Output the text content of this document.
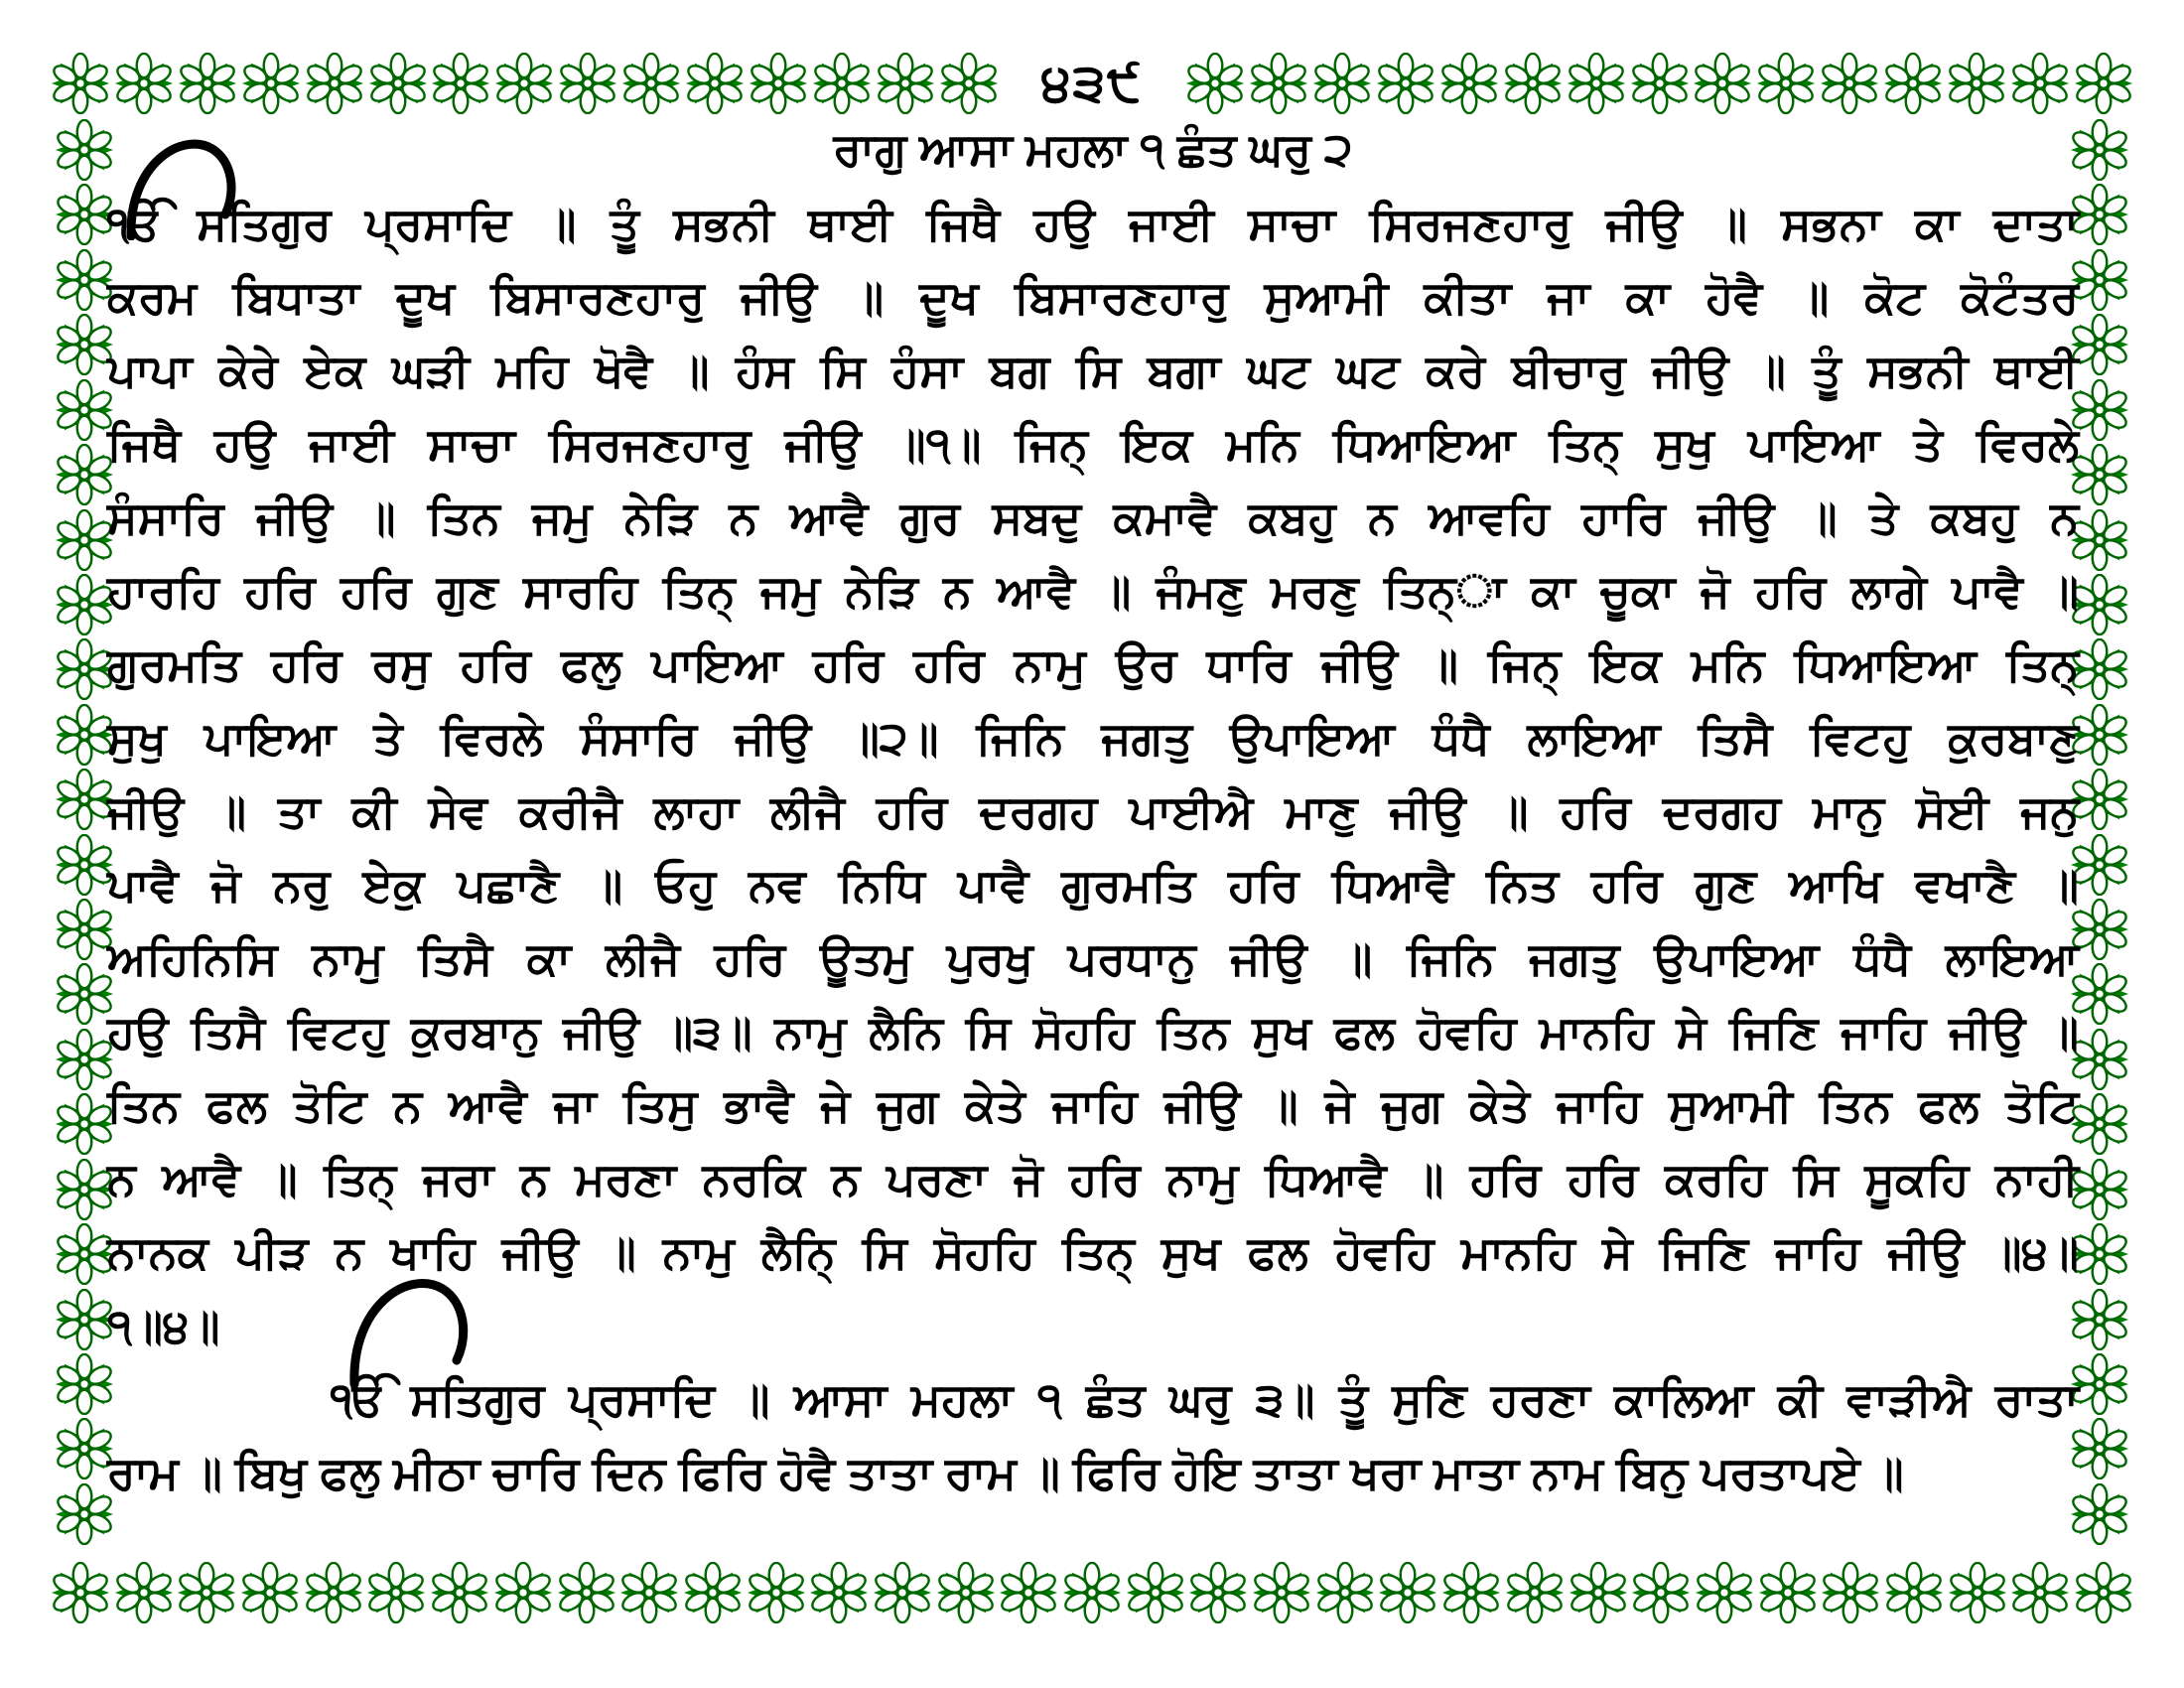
੪੩੯
ਰਾਗੁ ਆਸਾ ਮਹਲਾ ੧ ਛੰਤ ਘਰੁ ੨
ੴ ਸਤਿਗੁਰ ਪ੍ਰਸਾਦਿ ॥ ਤੂੰ ਸਭਨੀ ਥਾਈ ਜਿਥੈ ਹਉ ਜਾਈ ਸਾਚਾ ਸਿਰਜਣਹਾਰੁ ਜੀਉ ॥ ਸਭਨਾ ਕਾ ਦਾਤਾ
ਕਰਮ ਬਿਧਾਤਾ ਦੂਖ ਬਿਸਾਰਣਹਾਰੁ ਜੀਉ ॥ ਦੂਖ ਬਿਸਾਰਣਹਾਰੁ ਸੁਆਮੀ ਕੀਤਾ ਜਾ ਕਾ ਹੋਵੈ ॥ ਕੋਟ ਕੋਟੰਤਰ
ਪਾਪਾ ਕੇਰੇ ਏਕ ਘੜੀ ਮਹਿ ਖੋਵੈ ॥ ਹੰਸ ਸਿ ਹੰਸਾ ਬਗ ਸਿ ਬਗਾ ਘਟ ਘਟ ਕਰੇ ਬੀਚਾਰੁ ਜੀਉ ॥ ਤੂੰ ਸਭਨੀ ਥਾਈ
ਜਿਥੈ ਹਉ ਜਾਈ ਸਾਚਾ ਸਿਰਜਣਹਾਰੁ ਜੀਉ ॥੧॥ ਜਿਨ੍ ਇਕ ਮਨਿ ਧਿਆਇਆ ਤਿਨ੍ ਸੁਖੁ ਪਾਇਆ ਤੇ ਵਿਰਲੇ
ਸੰਸਾਰਿ ਜੀਉ ॥ ਤਿਨ ਜਮੁ ਨੇੜਿ ਨ ਆਵੈ ਗੁਰ ਸਬਦੁ ਕਮਾਵੈ ਕਬਹੁ ਨ ਆਵਹਿ ਹਾਰਿ ਜੀਉ ॥ ਤੇ ਕਬਹੁ ਨ
ਹਾਰਹਿ ਹਰਿ ਹਰਿ ਗੁਣ ਸਾਰਹਿ ਤਿਨ੍ ਜਮੁ ਨੇੜਿ ਨ ਆਵੈ ॥ ਜੰਮਣੁ ਮਰਣੁ ਤਿਨ੍ਾ ਕਾ ਚੂਕਾ ਜੋ ਹਰਿ ਲਾਗੇ ਪਾਵੈ ॥
ਗੁਰਮਤਿ ਹਰਿ ਰਸੁ ਹਰਿ ਫਲੁ ਪਾਇਆ ਹਰਿ ਹਰਿ ਨਾਮੁ ਉਰ ਧਾਰਿ ਜੀਉ ॥ ਜਿਨ੍ ਇਕ ਮਨਿ ਧਿਆਇਆ ਤਿਨ੍
ਸੁਖੁ ਪਾਇਆ ਤੇ ਵਿਰਲੇ ਸੰਸਾਰਿ ਜੀਉ ॥੨॥ ਜਿਨਿ ਜਗਤੁ ਉਪਾਇਆ ਧੰਧੈ ਲਾਇਆ ਤਿਸੈ ਵਿਟਹੁ ਕੁਰਬਾਣੁ
ਜੀਉ ॥ ਤਾ ਕੀ ਸੇਵ ਕਰੀਜੈ ਲਾਹਾ ਲੀਜੈ ਹਰਿ ਦਰਗਹ ਪਾਈਐ ਮਾਣੁ ਜੀਉ ॥ ਹਰਿ ਦਰਗਹ ਮਾਨੁ ਸੋਈ ਜਨੁ
ਪਾਵੈ ਜੋ ਨਰੁ ਏਕੁ ਪਛਾਣੈ ॥ ਓਹੁ ਨਵ ਨਿਧਿ ਪਾਵੈ ਗੁਰਮਤਿ ਹਰਿ ਧਿਆਵੈ ਨਿਤ ਹਰਿ ਗੁਣ ਆਖਿ ਵਖਾਣੈ ॥
ਅਹਿਨਿਸਿ ਨਾਮੁ ਤਿਸੈ ਕਾ ਲੀਜੈ ਹਰਿ ਊਤਮੁ ਪੁਰਖੁ ਪਰਧਾਨੁ ਜੀਉ ॥ ਜਿਨਿ ਜਗਤੁ ਉਪਾਇਆ ਧੰਧੈ ਲਾਇਆ
ਹਉ ਤਿਸੈ ਵਿਟਹੁ ਕੁਰਬਾਨੁ ਜੀਉ ॥੩॥ ਨਾਮੁ ਲੈਨਿ ਸਿ ਸੋਹਹਿ ਤਿਨ ਸੁਖ ਫਲ ਹੋਵਹਿ ਮਾਨਹਿ ਸੇ ਜਿਣਿ ਜਾਹਿ ਜੀਉ ॥
ਤਿਨ ਫਲ ਤੋਟਿ ਨ ਆਵੈ ਜਾ ਤਿਸੁ ਭਾਵੈ ਜੇ ਜੁਗ ਕੇਤੇ ਜਾਹਿ ਜੀਉ ॥ ਜੇ ਜੁਗ ਕੇਤੇ ਜਾਹਿ ਸੁਆਮੀ ਤਿਨ ਫਲ ਤੋਟਿ
ਨ ਆਵੈ ॥ ਤਿਨ੍ ਜਰਾ ਨ ਮਰਣਾ ਨਰਕਿ ਨ ਪਰਣਾ ਜੋ ਹਰਿ ਨਾਮੁ ਧਿਆਵੈ ॥ ਹਰਿ ਹਰਿ ਕਰਹਿ ਸਿ ਸੂਕਹਿ ਨਾਹੀ
ਨਾਨਕ ਪੀੜ ਨ ਖਾਹਿ ਜੀਉ ॥ ਨਾਮੁ ਲੈਨਿ੍ ਸਿ ਸੋਹਹਿ ਤਿਨ੍ ਸੁਖ ਫਲ ਹੋਵਹਿ ਮਾਨਹਿ ਸੇ ਜਿਣਿ ਜਾਹਿ ਜੀਉ ॥੪॥
੧॥੪॥
ੴ ਸਤਿਗੁਰ ਪ੍ਰਸਾਦਿ ॥ ਆਸਾ ਮਹਲਾ ੧ ਛੰਤ ਘਰੁ ੩॥ ਤੂੰ ਸੁਣਿ ਹਰਣਾ ਕਾਲਿਆ ਕੀ ਵਾੜੀਐ ਰਾਤਾ
ਰਾਮ ॥ ਬਿਖੁ ਫਲੁ ਮੀਠਾ ਚਾਰਿ ਦਿਨ ਫਿਰਿ ਹੋਵੈ ਤਾਤਾ ਰਾਮ ॥ ਫਿਰਿ ਹੋਇ ਤਾਤਾ ਖਰਾ ਮਾਤਾ ਨਾਮ ਬਿਨੁ ਪਰਤਾਪਏ ॥
